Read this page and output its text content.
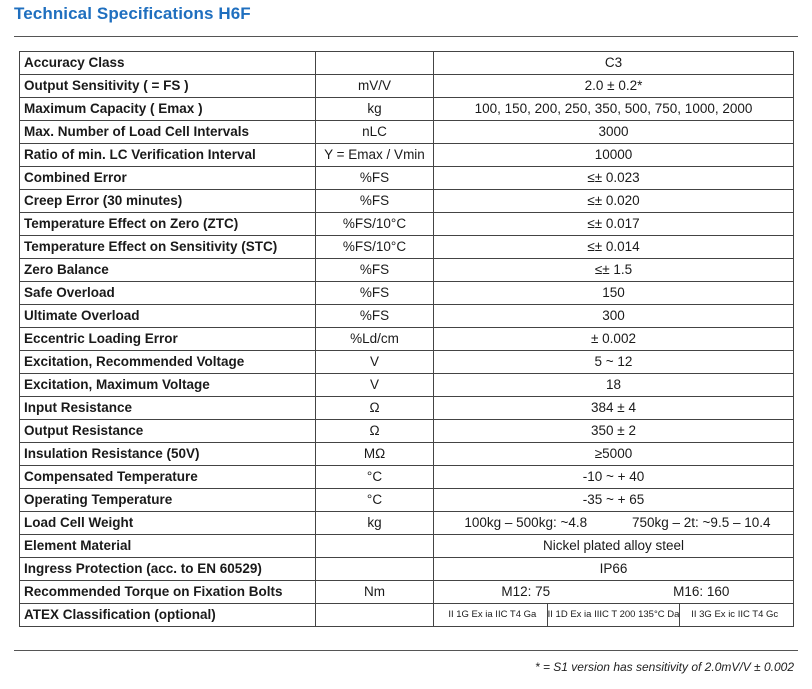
Technical Specifications H6F
Accuracy Class		C3
Output Sensitivity ( = FS )	mV/V	2.0 ± 0.2*
Maximum Capacity ( Emax )	kg	100, 150, 200, 250, 350, 500, 750, 1000, 2000
Max. Number of Load Cell Intervals	nLC	3000
Ratio of min. LC Verification Interval	Y = Emax / Vmin	10000
Combined Error	%FS	≤± 0.023
Creep Error (30 minutes)	%FS	≤± 0.020
Temperature Effect on Zero (ZTC)	%FS/10°C	≤± 0.017
Temperature Effect on Sensitivity (STC)	%FS/10°C	≤± 0.014
Zero Balance	%FS	≤± 1.5
Safe Overload	%FS	150
Ultimate Overload	%FS	300
Eccentric Loading Error	%Ld/cm	± 0.002
Excitation, Recommended Voltage	V	5 ~ 12
Excitation, Maximum Voltage	V	18
Input Resistance	Ω	384 ± 4
Output Resistance	Ω	350 ± 2
Insulation Resistance (50V)	MΩ	≥5000
Compensated Temperature	°C	-10 ~ + 40
Operating Temperature	°C	-35 ~ + 65
Load Cell Weight	kg	100kg – 500kg: ~4.8 750kg – 2t: ~9.5 – 10.4

Element Material		Nickel plated alloy steel
Ingress Protection (acc. to EN 60529)		IP66
Recommended Torque on Fixation Bolts	Nm	M12: 75 M16: 160

ATEX Classification (optional)		II 1G Ex ia IIC T4 Ga II 1D Ex ia IIIC T 200 135°C Da II 3G Ex ic IIC T4 Gc
* = S1 version has sensitivity of 2.0mV/V ± 0.002
